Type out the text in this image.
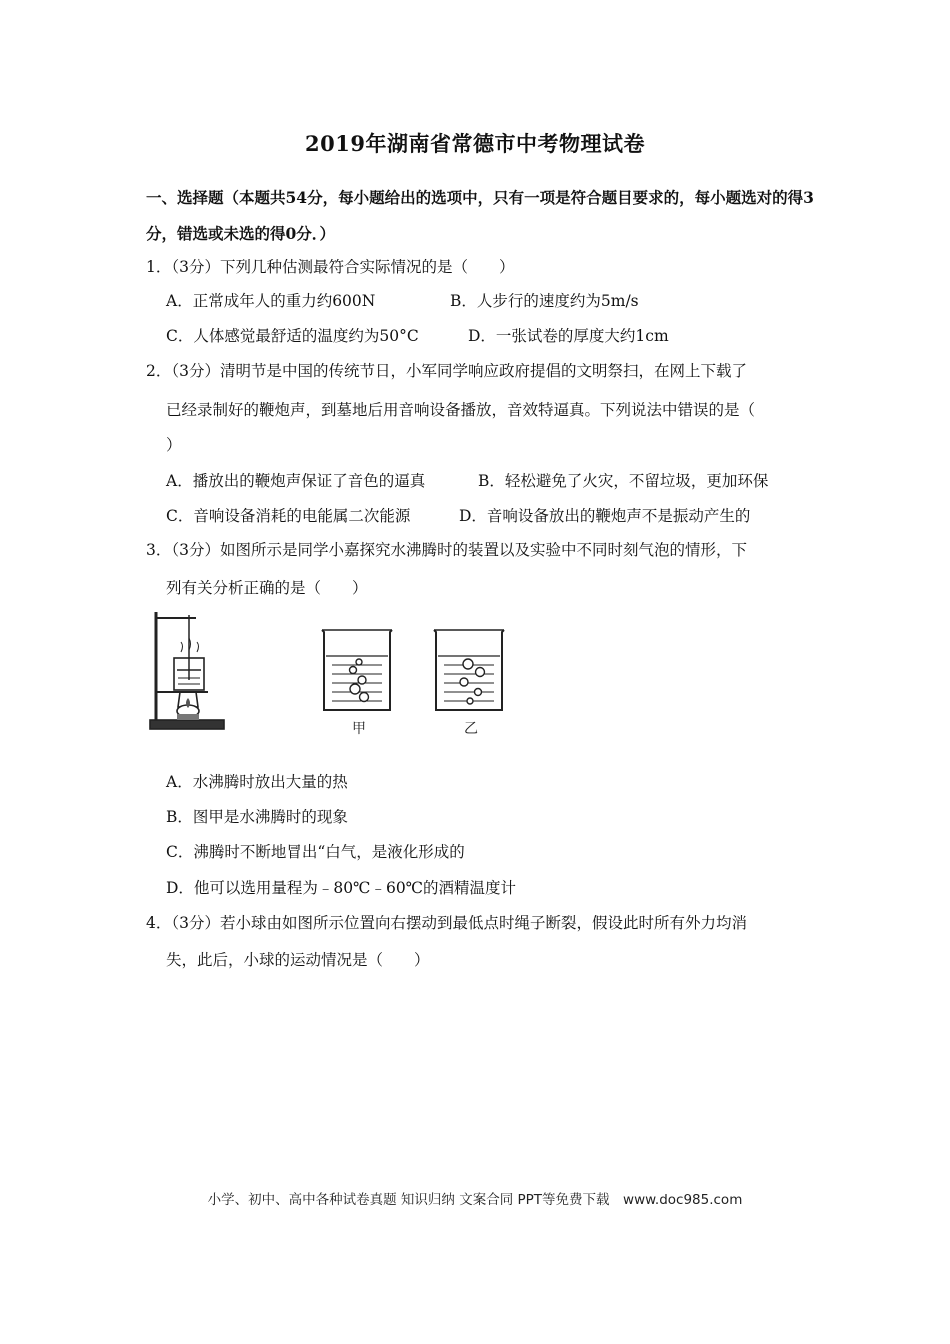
2019年湖南省常德市中考物理试卷
一、选择题（本题共54分，每小题给出的选项中，只有一项是符合题目要求的，每小题选对的得3分，错选或未选的得0分．）
1．（3分）下列几种估测最符合实际情况的是（　　）
A．正常成年人的重力约600N	B．人步行的速度约为5m/s
C．人体感觉最舒适的温度约为50°C	D．一张试卷的厚度大约1cm
2．（3分）清明节是中国的传统节日，小军同学响应政府提倡的文明祭扫，在网上下载了
已经录制好的鞭炮声，到墓地后用音响设备播放，音效特逼真。下列说法中错误的是（
）
A．播放出的鞭炮声保证了音色的逼真	B．轻松避免了火灾，不留垃圾，更加环保
C．音响设备消耗的电能属二次能源	D．音响设备放出的鞭炮声不是振动产生的
3．（3分）如图所示是同学小嘉探究水沸腾时的装置以及实验中不同时刻气泡的情形，下
列有关分析正确的是（　　）
甲	乙
A．水沸腾时放出大量的热
B．图甲是水沸腾时的现象
C．沸腾时不断地冒出“白气，是液化形成的
D．他可以选用量程为﹣80℃﹣60℃的酒精温度计
4．（3分）若小球由如图所示位置向右摆动到最低点时绳子断裂，假设此时所有外力均消
失，此后，小球的运动情况是（　　）
小学、初中、高中各种试卷真题 知识归纳 文案合同 PPT等免费下载　www.doc985.com
